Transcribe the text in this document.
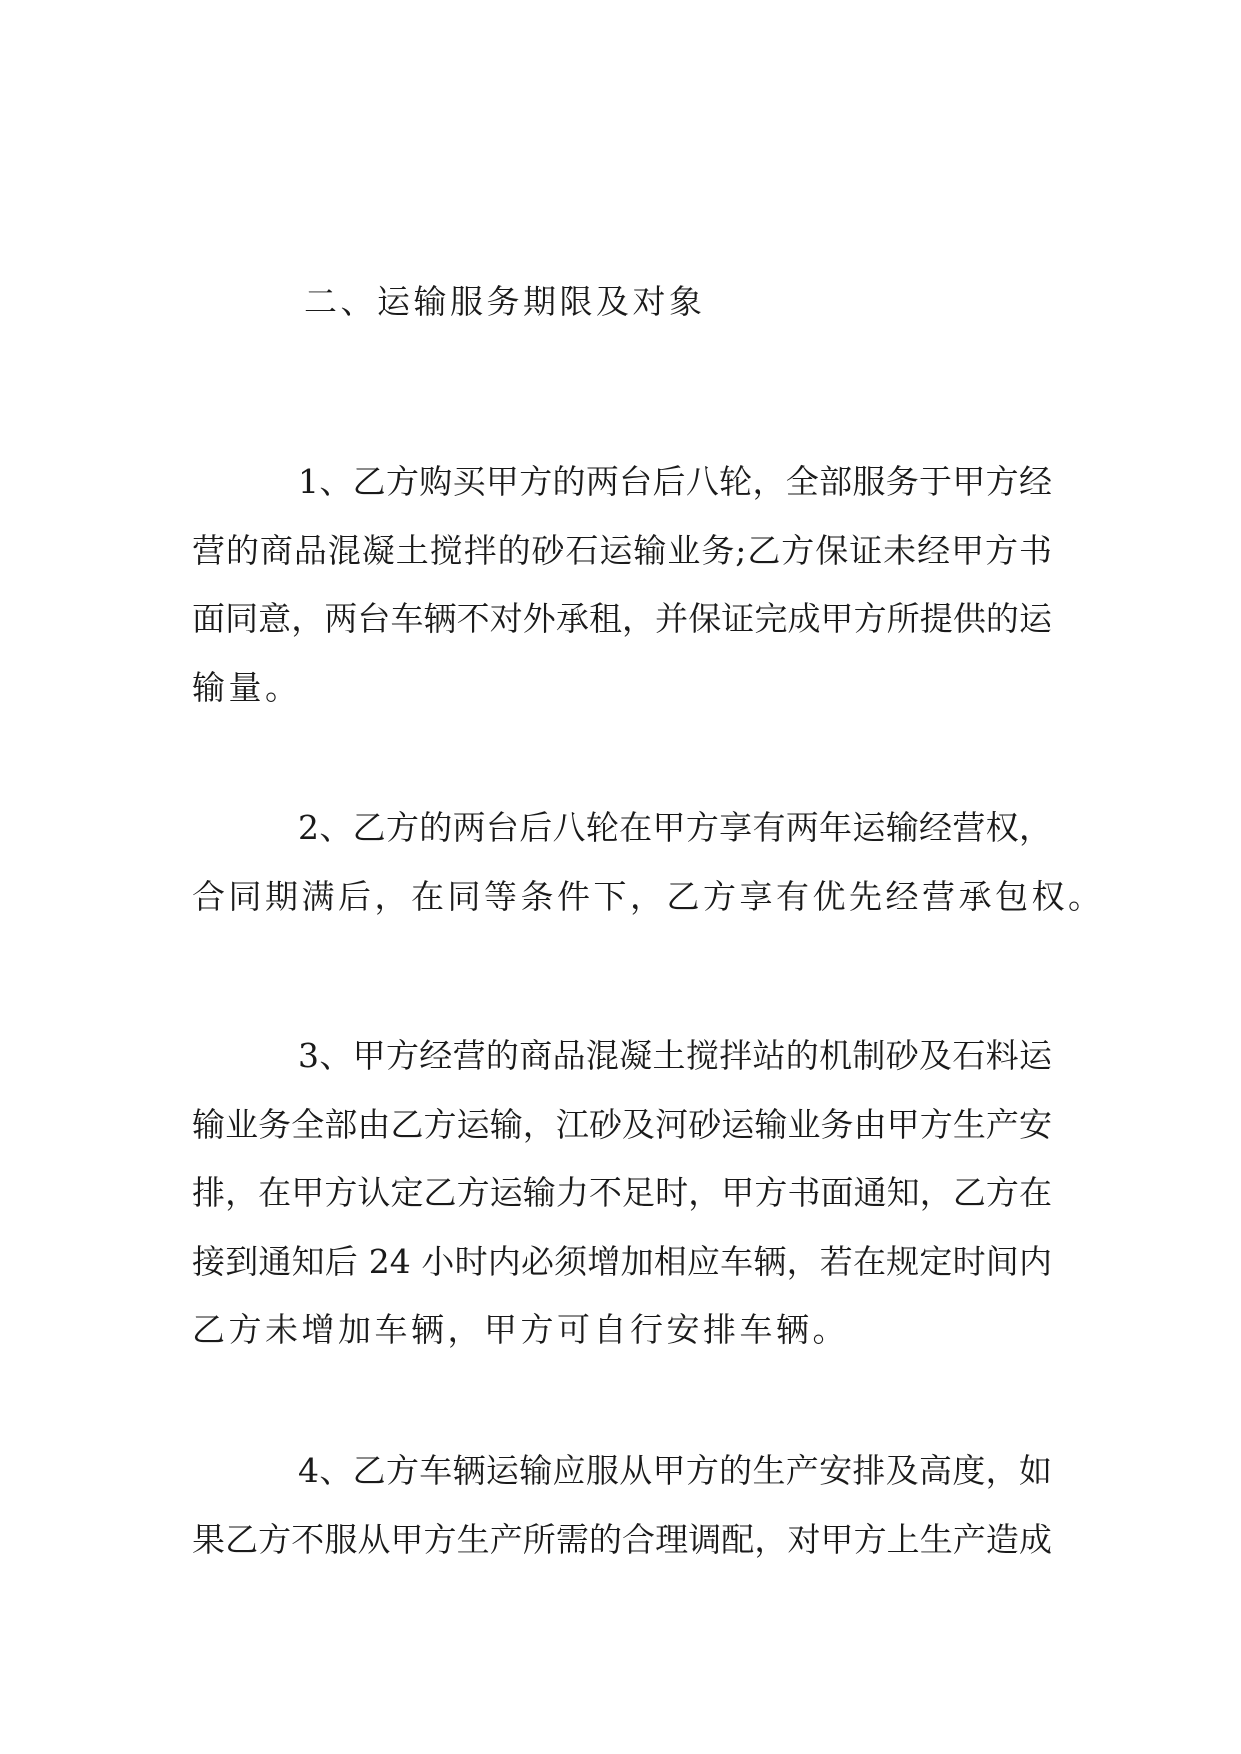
二、运输服务期限及对象
1、乙方购买甲方的两台后八轮，全部服务于甲方经
营的商品混凝土搅拌的砂石运输业务;乙方保证未经甲方书
面同意，两台车辆不对外承租，并保证完成甲方所提供的运
输量。
2、乙方的两台后八轮在甲方享有两年运输经营权，
合同期满后，在同等条件下，乙方享有优先经营承包权。
3、甲方经营的商品混凝土搅拌站的机制砂及石料运
输业务全部由乙方运输，江砂及河砂运输业务由甲方生产安
排，在甲方认定乙方运输力不足时，甲方书面通知，乙方在
接到通知后 24 小时内必须增加相应车辆，若在规定时间内
乙方未增加车辆，甲方可自行安排车辆。
4、乙方车辆运输应服从甲方的生产安排及高度，如
果乙方不服从甲方生产所需的合理调配，对甲方上生产造成
